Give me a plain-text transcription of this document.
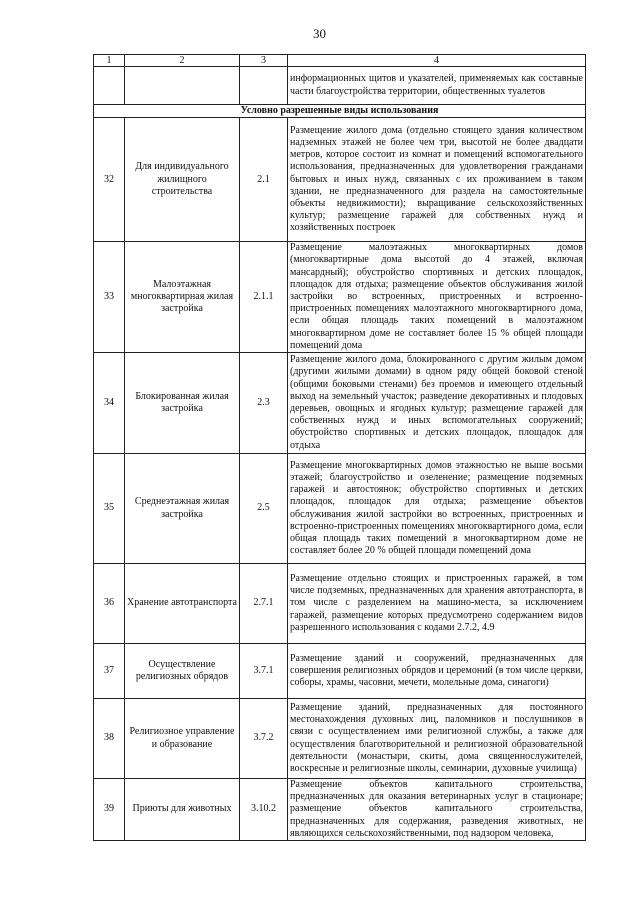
30
1	2	3	4
			информационных щитов и указателей, применяемых как составные части благоустройства территории, общественных туалетов
Условно разрешенные виды использования			
32	Для индивидуального жилищного строительства	2.1	Размещение жилого дома (отдельно стоящего здания количеством надземных этажей не более чем три, высотой не более двадцати метров, которое состоит из комнат и помещений вспомогательного использования, предназначенных для удовлетворения гражданами бытовых и иных нужд, связанных с их проживанием в таком здании, не предназначенного для раздела на самостоятельные объекты недвижимости); выращивание сельскохозяйственных культур; размещение гаражей для собственных нужд и хозяйственных построек
33	Малоэтажная многоквартирная жилая застройка	2.1.1	Размещение малоэтажных многоквартирных домов (многоквартирные дома высотой до 4 этажей, включая мансардный); обустройство спортивных и детских площадок, площадок для отдыха; размещение объектов обслуживания жилой застройки во встроенных, пристроенных и встроенно-пристроенных помещениях малоэтажного многоквартирного дома, если общая площадь таких помещений в малоэтажном многоквартирном доме не составляет более 15 % общей площади помещений дома
34	Блокированная жилая застройка	2.3	Размещение жилого дома, блокированного с другим жилым домом (другими жилыми домами) в одном ряду общей боковой стеной (общими боковыми стенами) без проемов и имеющего отдельный выход на земельный участок; разведение декоративных и плодовых деревьев, овощных и ягодных культур; размещение гаражей для собственных нужд и иных вспомогательных сооружений; обустройство спортивных и детских площадок, площадок для отдыха
35	Среднеэтажная жилая застройка	2.5	Размещение многоквартирных домов этажностью не выше восьми этажей; благоустройство и озеленение; размещение подземных гаражей и автостоянок; обустройство спортивных и детских площадок, площадок для отдыха; размещение объектов обслуживания жилой застройки во встроенных, пристроенных и встроенно-пристроенных помещениях многоквартирного дома, если общая площадь таких помещений в многоквартирном доме не составляет более 20 % общей площади помещений дома
36	Хранение автотранспорта	2.7.1	Размещение отдельно стоящих и пристроенных гаражей, в том числе подземных, предназначенных для хранения автотранспорта, в том числе с разделением на машино-места, за исключением гаражей, размещение которых предусмотрено содержанием видов разрешенного использования с кодами 2.7.2, 4.9
37	Осуществление религиозных обрядов	3.7.1	Размещение зданий и сооружений, предназначенных для совершения религиозных обрядов и церемоний (в том числе церкви, соборы, храмы, часовни, мечети, молельные дома, синагоги)
38	Религиозное управление и образование	3.7.2	Размещение зданий, предназначенных для постоянного местонахождения духовных лиц, паломников и послушников в связи с осуществлением ими религиозной службы, а также для осуществления благотворительной и религиозной образовательной деятельности (монастыри, скиты, дома священнослужителей, воскресные и религиозные школы, семинарии, духовные училища)
39	Приюты для животных	3.10.2	Размещение объектов капитального строительства, предназначенных для оказания ветеринарных услуг в стационаре; размещение объектов капитального строительства, предназначенных для содержания, разведения животных, не являющихся сельскохозяйственными, под надзором человека,
